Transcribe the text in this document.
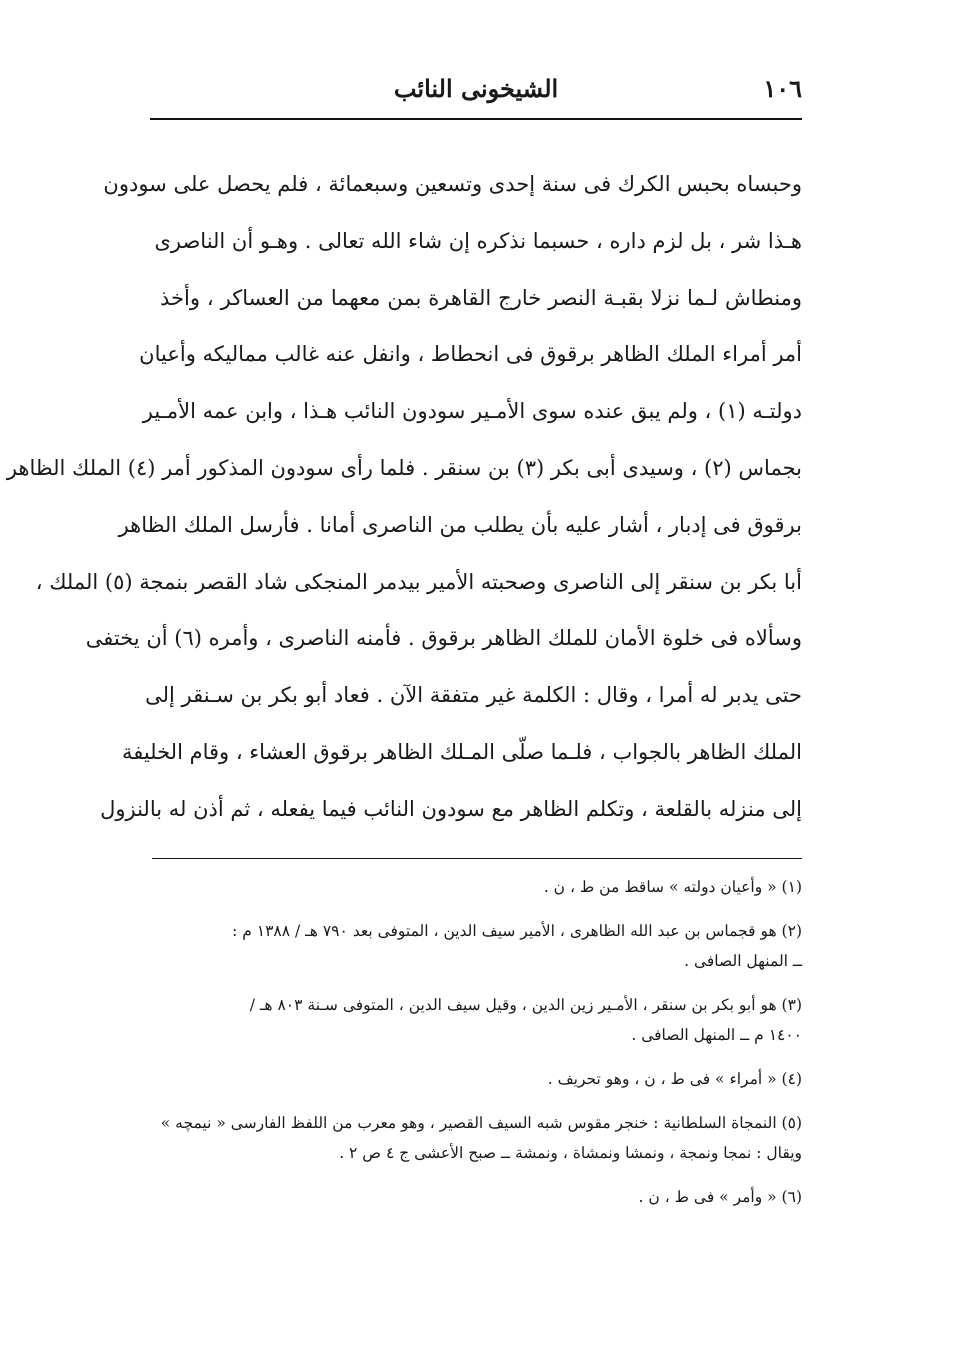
١٠٦
الشيخونى النائب
وحبساه بحبس الكرك فى سنة إحدى وتسعين وسبعمائة ، فلم يحصل على سودون
هـذا شر ، بل لزم داره ، حسبما نذكره إن شاء الله تعالى . وهـو أن الناصرى
ومنطاش لـما نزلا بقبـة النصر خارج القاهرة بمن معهما من العساكر ، وأخذ
أمر أمراء الملك الظاهر برقوق فى انحطاط ، وانفل عنه غالب مماليكه وأعيان
دولتـه (١) ، ولم يبق عنده سوى الأمـير سودون النائب هـذا ، وابن عمه الأمـير
بجماس (٢) ، وسيدى أبى بكر (٣) بن سنقر . فلما رأى سودون المذكور أمر (٤) الملك الظاهر
برقوق فى إدبار ، أشار عليه بأن يطلب من الناصرى أمانا . فأرسل الملك الظاهر
أبا بكر بن سنقر إلى الناصرى وصحبته الأمير بيدمر المنجكى شاد القصر بنمجة (٥) الملك ،
وسألاه فى خلوة الأمان للملك الظاهر برقوق . فأمنه الناصرى ، وأمره (٦) أن يختفى
حتى يدبر له أمرا ، وقال : الكلمة غير متفقة الآن . فعاد أبو بكر بن سـنقر إلى
الملك الظاهر بالجواب ، فلـما صلّى المـلك الظاهر برقوق العشاء ، وقام الخليفة
إلى منزله بالقلعة ، وتكلم الظاهر مع سودون النائب فيما يفعله ، ثم أذن له بالنزول
(١) « وأعيان دولته » ساقط من ط ، ن .
(٢) هو قجماس بن عبد الله الظاهرى ، الأمير سيف الدين ، المتوفى بعد ٧٩٠ هـ / ١٣٨٨ م :
ــ المنهل الصافى .
(٣) هو أبو بكر بن سنقر ، الأمـير زين الدين ، وقيل سيف الدين ، المتوفى سـنة ٨٠٣ هـ /
١٤٠٠ م ــ المنهل الصافى .
(٤) « أمراء » فى ط ، ن ، وهو تحريف .
(٥) النمجاة السلطانية : خنجر مقوس شبه السيف القصير ، وهو معرب من اللفظ الفارسى « نيمچه »
ويقال : نمجا ونمجة ، ونمشا ونمشاة ، ونمشة ــ صبح الأعشى ج ٤ ص ٢ .
(٦) « وأمر » فى ط ، ن .
